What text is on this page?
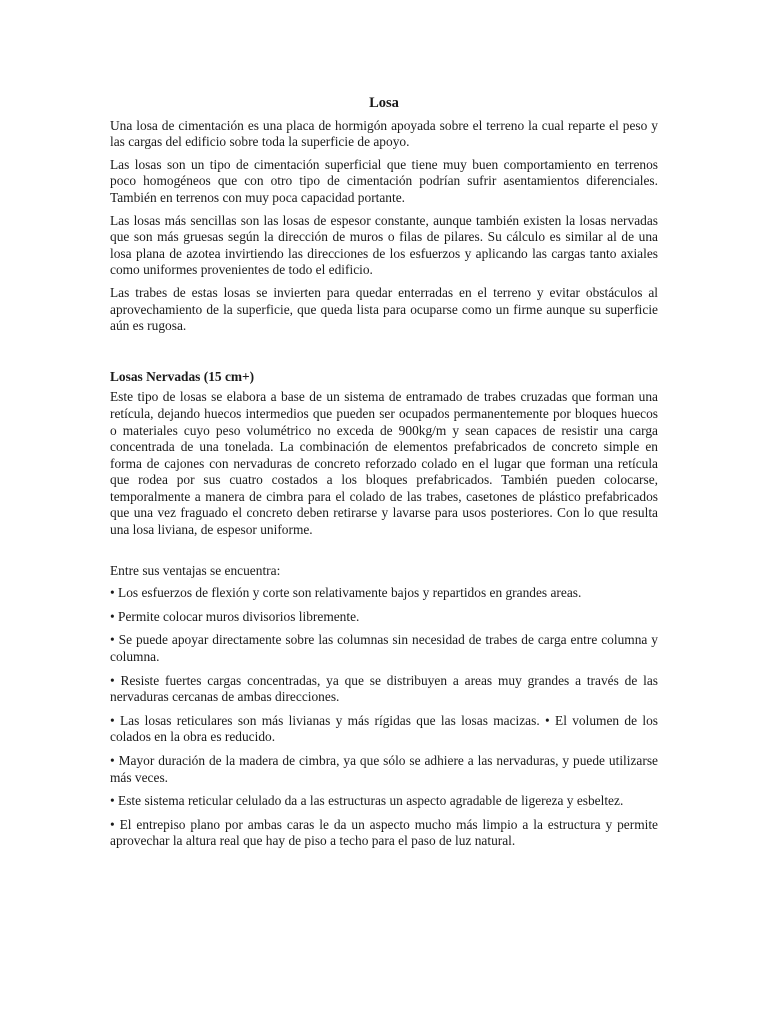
Losa

Una losa de cimentación es una placa de hormigón apoyada sobre el terreno la cual reparte el peso y las cargas del edificio sobre toda la superficie de apoyo.

Las losas son un tipo de cimentación superficial que tiene muy buen comportamiento en terrenos poco homogéneos que con otro tipo de cimentación podrían sufrir asentamientos diferenciales. También en terrenos con muy poca capacidad portante.

Las losas más sencillas son las losas de espesor constante, aunque también existen la losas nervadas que son más gruesas según la dirección de muros o filas de pilares. Su cálculo es similar al de una losa plana de azotea invirtiendo las direcciones de los esfuerzos y aplicando las cargas tanto axiales como uniformes provenientes de todo el edificio.

Las trabes de estas losas se invierten para quedar enterradas en el terreno y evitar obstáculos al aprovechamiento de la superficie, que queda lista para ocuparse como un firme aunque su superficie aún es rugosa.

Losas Nervadas (15 cm+)

Este tipo de losas se elabora a base de un sistema de entramado de trabes cruzadas que forman una retícula, dejando huecos intermedios que pueden ser ocupados permanentemente por bloques huecos o materiales cuyo peso volumétrico no exceda de 900kg/m y sean capaces de resistir una carga concentrada de una tonelada. La combinación de elementos prefabricados de concreto simple en forma de cajones con nervaduras de concreto reforzado colado en el lugar que forman una retícula que rodea por sus cuatro costados a los bloques prefabricados. También pueden colocarse, temporalmente a manera de cimbra para el colado de las trabes, casetones de plástico prefabricados que una vez fraguado el concreto deben retirarse y lavarse para usos posteriores. Con lo que resulta una losa liviana, de espesor uniforme.

Entre sus ventajas se encuentra:

• Los esfuerzos de flexión y corte son relativamente bajos y repartidos en grandes areas.

• Permite colocar muros divisorios libremente.

• Se puede apoyar directamente sobre las columnas sin necesidad de trabes de carga entre columna y columna.

• Resiste fuertes cargas concentradas, ya que se distribuyen a areas muy grandes a través de las nervaduras cercanas de ambas direcciones.

• Las losas reticulares son más livianas y más rígidas que las losas macizas. • El volumen de los colados en la obra es reducido.

• Mayor duración de la madera de cimbra, ya que sólo se adhiere a las nervaduras, y puede utilizarse más veces.

• Este sistema reticular celulado da a las estructuras un aspecto agradable de ligereza y esbeltez.

• El entrepiso plano por ambas caras le da un aspecto mucho más limpio a la estructura y permite aprovechar la altura real que hay de piso a techo para el paso de luz natural.
